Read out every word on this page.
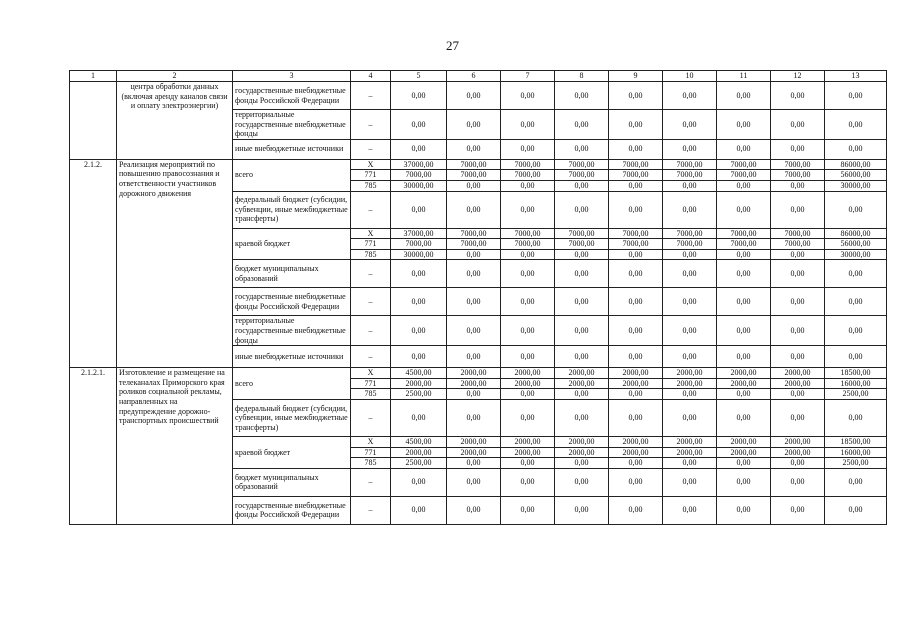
27
1	2	3	4	5	6	7	8	9	10	11	12	13
	центра обработки данных (включая аренду каналов связи и оплату электроэнергии)	государственные внебюджетные фонды Российской Федерации	–	0,00	0,00	0,00	0,00	0,00	0,00	0,00	0,00	0,00
		территориальные государственные внебюджетные фонды	–	0,00	0,00	0,00	0,00	0,00	0,00	0,00	0,00	0,00
		иные внебюджетные источники	–	0,00	0,00	0,00	0,00	0,00	0,00	0,00	0,00	0,00
2.1.2.	Реализация мероприятий по повышению правосознания и ответственности участников дорожного движения	всего	X	37000,00	7000,00	7000,00	7000,00	7000,00	7000,00	7000,00	7000,00	86000,00
			771	7000,00	7000,00	7000,00	7000,00	7000,00	7000,00	7000,00	7000,00	56000,00
			785	30000,00	0,00	0,00	0,00	0,00	0,00	0,00	0,00	30000,00
		федеральный бюджет (субсидии, субвенции, иные межбюджетные трансферты)	–	0,00	0,00	0,00	0,00	0,00	0,00	0,00	0,00	0,00
		краевой бюджет	X	37000,00	7000,00	7000,00	7000,00	7000,00	7000,00	7000,00	7000,00	86000,00
			771	7000,00	7000,00	7000,00	7000,00	7000,00	7000,00	7000,00	7000,00	56000,00
			785	30000,00	0,00	0,00	0,00	0,00	0,00	0,00	0,00	30000,00
		бюджет муниципальных образований	–	0,00	0,00	0,00	0,00	0,00	0,00	0,00	0,00	0,00
		государственные внебюджетные фонды Российской Федерации	–	0,00	0,00	0,00	0,00	0,00	0,00	0,00	0,00	0,00
		территориальные государственные внебюджетные фонды	–	0,00	0,00	0,00	0,00	0,00	0,00	0,00	0,00	0,00
		иные внебюджетные источники	–	0,00	0,00	0,00	0,00	0,00	0,00	0,00	0,00	0,00
2.1.2.1.	Изготовление и размещение на телеканалах Приморского края роликов социальной рекламы, направленных на предупреждение дорожно-транспортных происшествий	всего	X	4500,00	2000,00	2000,00	2000,00	2000,00	2000,00	2000,00	2000,00	18500,00
			771	2000,00	2000,00	2000,00	2000,00	2000,00	2000,00	2000,00	2000,00	16000,00
			785	2500,00	0,00	0,00	0,00	0,00	0,00	0,00	0,00	2500,00
		федеральный бюджет (субсидии, субвенции, иные межбюджетные трансферты)	–	0,00	0,00	0,00	0,00	0,00	0,00	0,00	0,00	0,00
		краевой бюджет	X	4500,00	2000,00	2000,00	2000,00	2000,00	2000,00	2000,00	2000,00	18500,00
			771	2000,00	2000,00	2000,00	2000,00	2000,00	2000,00	2000,00	2000,00	16000,00
			785	2500,00	0,00	0,00	0,00	0,00	0,00	0,00	0,00	2500,00
		бюджет муниципальных образований	–	0,00	0,00	0,00	0,00	0,00	0,00	0,00	0,00	0,00
		государственные внебюджетные фонды Российской Федерации	–	0,00	0,00	0,00	0,00	0,00	0,00	0,00	0,00	0,00
